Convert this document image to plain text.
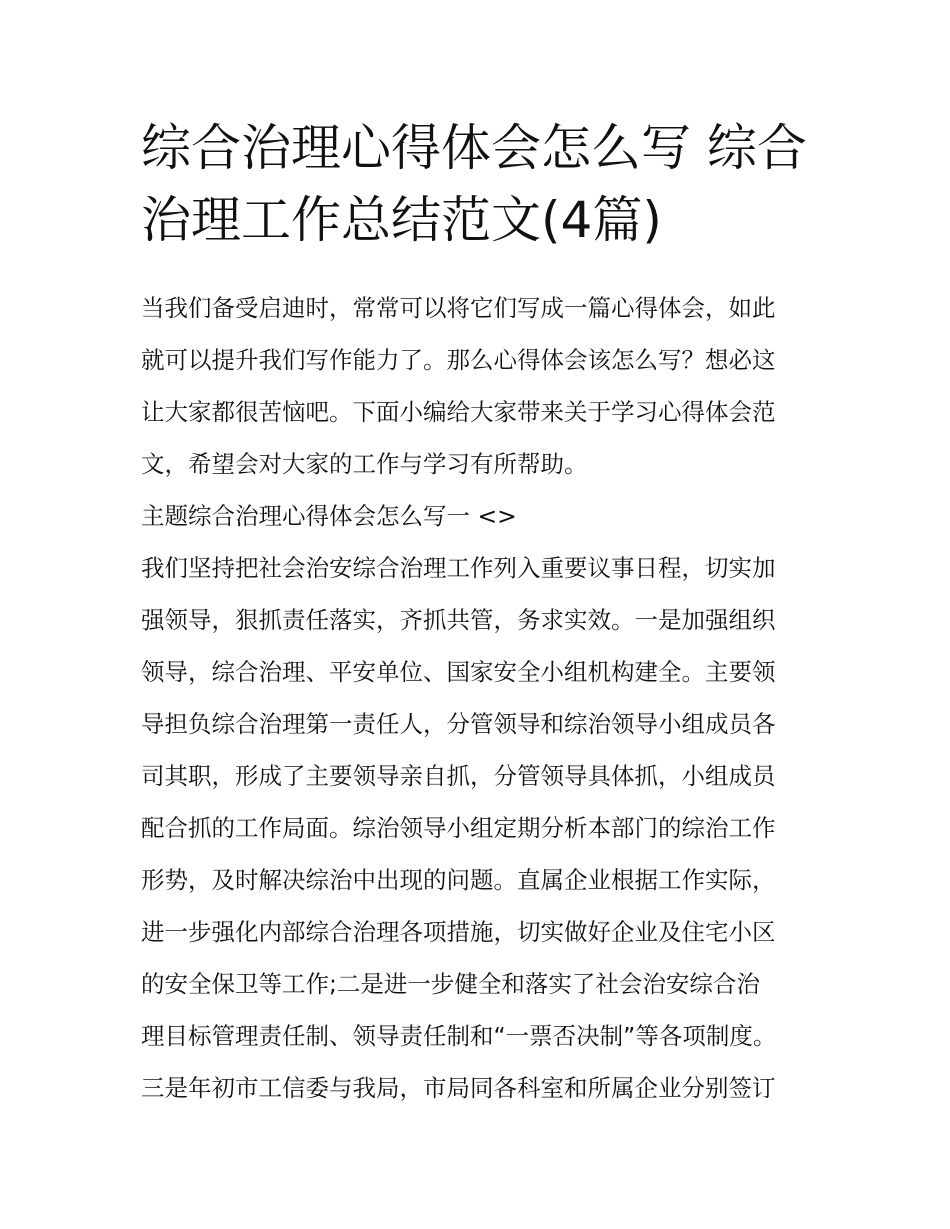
综合治理心得体会怎么写 综合
治理工作总结范文(4篇)

当我们备受启迪时，常常可以将它们写成一篇心得体会，如此
就可以提升我们写作能力了。那么心得体会该怎么写？想必这
让大家都很苦恼吧。下面小编给大家带来关于学习心得体会范
文，希望会对大家的工作与学习有所帮助。

主题综合治理心得体会怎么写一 <>

我们坚持把社会治安综合治理工作列入重要议事日程，切实加
强领导，狠抓责任落实，齐抓共管，务求实效。一是加强组织
领导，综合治理、平安单位、国家安全小组机构建全。主要领
导担负综合治理第一责任人，分管领导和综治领导小组成员各
司其职，形成了主要领导亲自抓，分管领导具体抓，小组成员
配合抓的工作局面。综治领导小组定期分析本部门的综治工作
形势，及时解决综治中出现的问题。直属企业根据工作实际，
进一步强化内部综合治理各项措施，切实做好企业及住宅小区
的安全保卫等工作;二是进一步健全和落实了社会治安综合治
理目标管理责任制、领导责任制和“一票否决制”等各项制度。
三是年初市工信委与我局，市局同各科室和所属企业分别签订
